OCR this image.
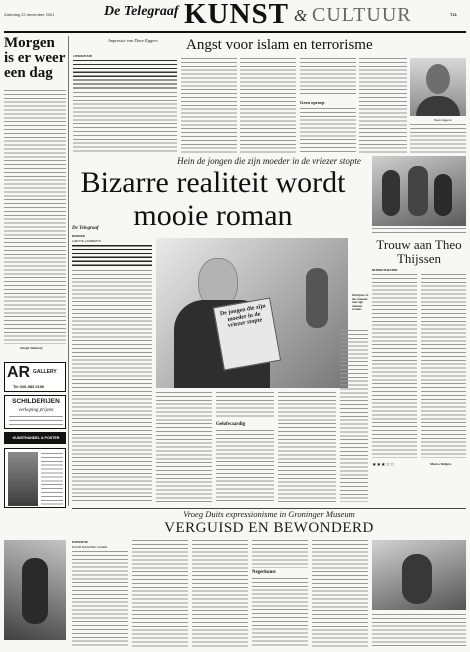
Zaterdag 22 december 2001	De Telegraaf KUNST & CULTUUR	T21
Morgen is er weer een dag
Naatje Stellwerf
Impressie van Dave Eggers	Angst voor islam en terrorisme
LITERATUUR
Geen oproep
Dave Eggers
Hein de jongen die zijn moeder in de vriezer stopte
Bizarre realiteit wordt mooie roman
De Telegraaf
BOEKEN
LIZETTE LAMBERTS
De jongen die zijn moeder in de vriezer stopte
Schrijver in de sneeuw met zijn nieuwe roman.
Gelofwaardig
Trouw aan Theo Thijssen
MUZIEKTHEATER
★★★☆☆	Marco Weijers
AR GALLERY
Tel 020-583 0100
SCHILDERIJEN
verkoping prijzen
KUNSTHANDEL & POSTER
Vroeg Duits expressionisme in Groninger Museum
VERGUISD EN BEWONDERD
EXPOSITIE
DOOR MAARTEN JAGER
Negerkunst
